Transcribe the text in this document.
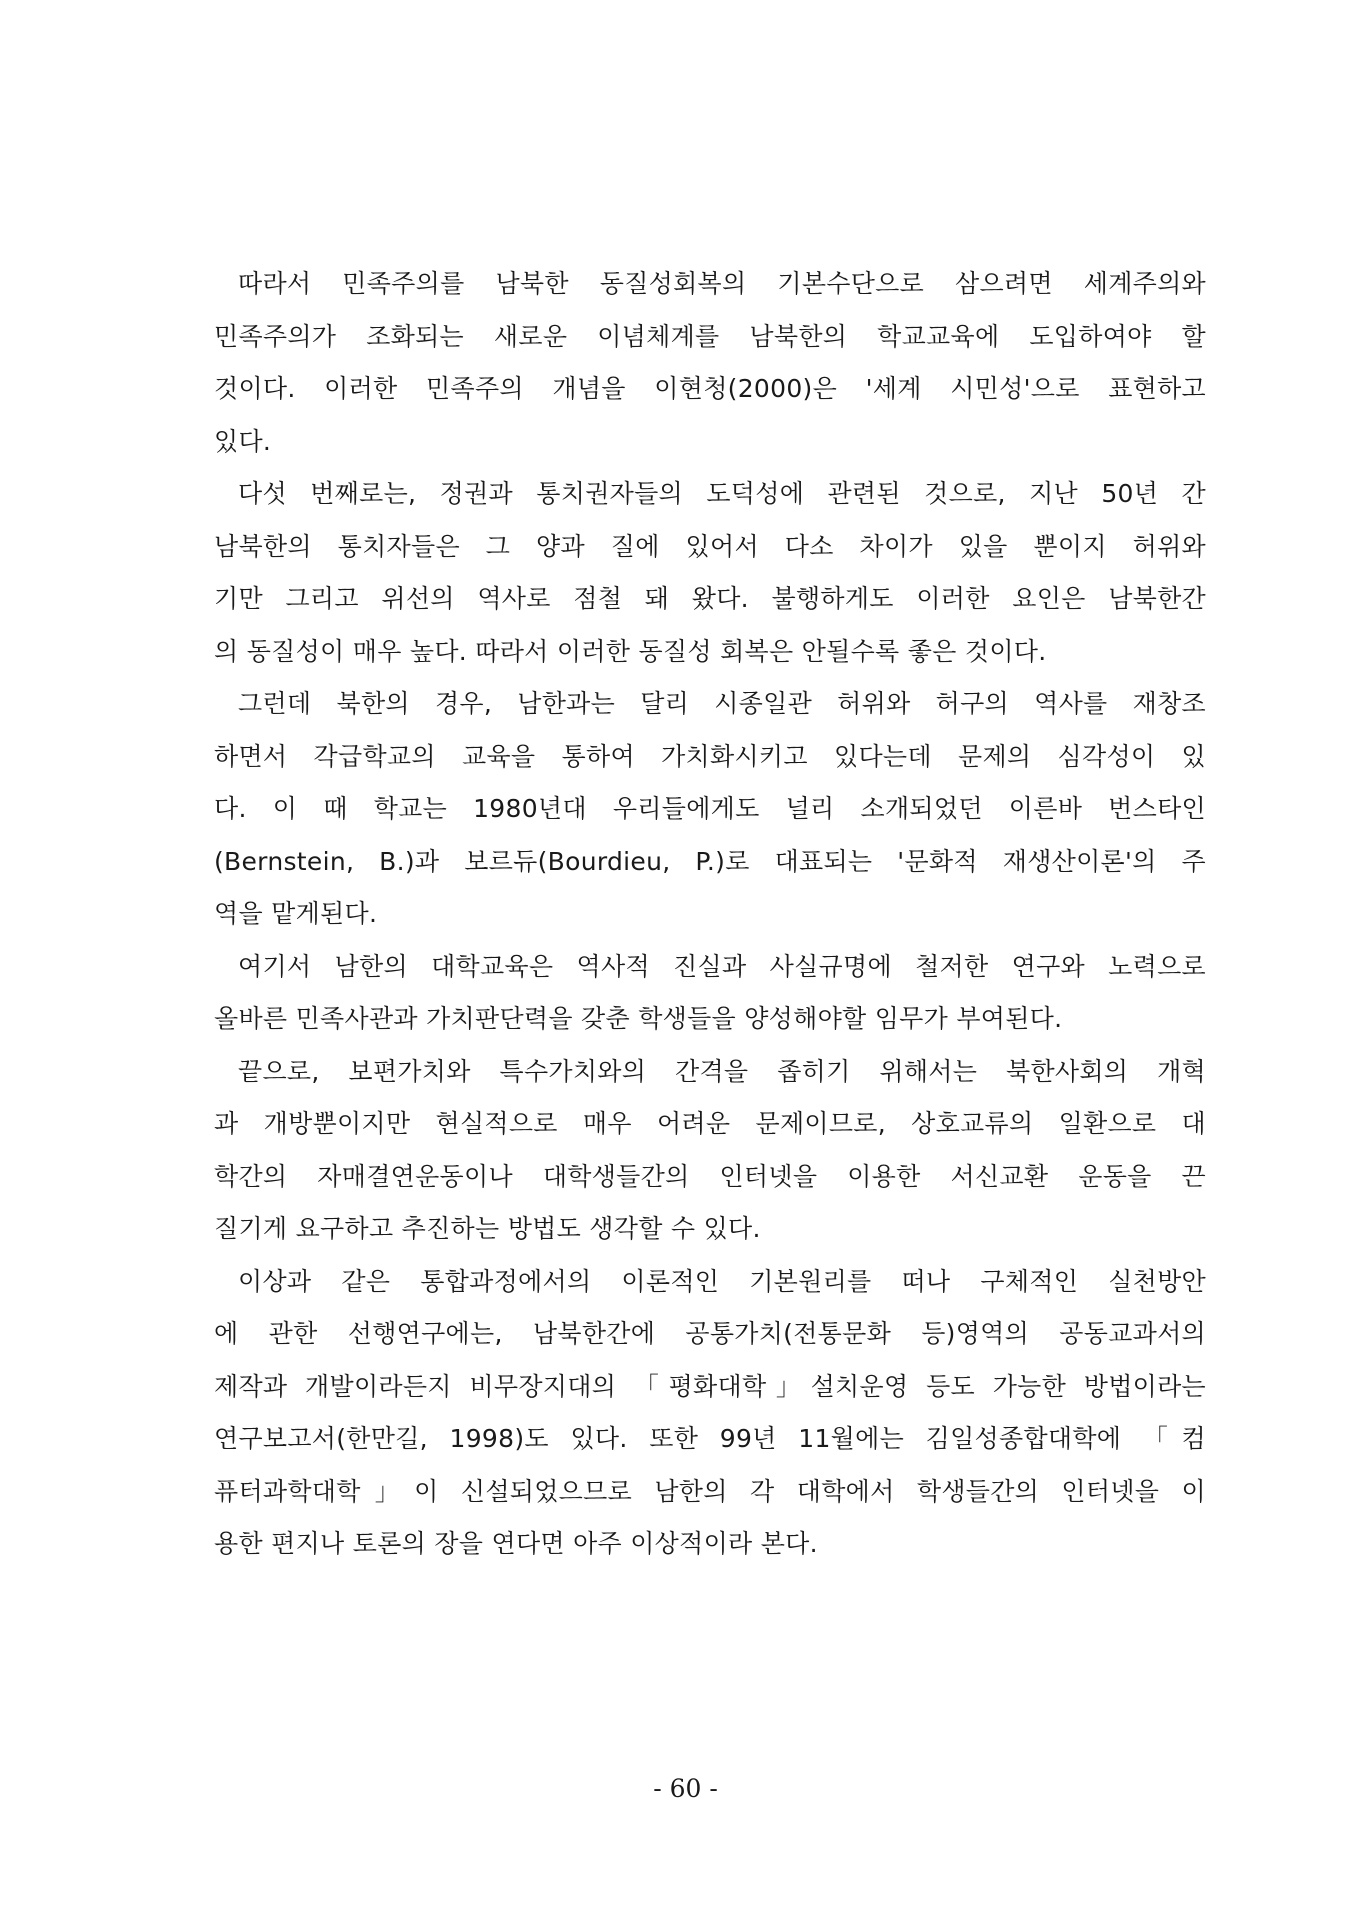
따라서 민족주의를 남북한 동질성회복의 기본수단으로 삼으려면 세계주의와
민족주의가 조화되는 새로운 이념체계를 남북한의 학교교육에 도입하여야 할
것이다. 이러한 민족주의 개념을 이현청(2000)은 '세계 시민성'으로 표현하고
있다.
다섯 번째로는, 정권과 통치권자들의 도덕성에 관련된 것으로, 지난 50년 간
남북한의 통치자들은 그 양과 질에 있어서 다소 차이가 있을 뿐이지 허위와
기만 그리고 위선의 역사로 점철 돼 왔다. 불행하게도 이러한 요인은 남북한간
의 동질성이 매우 높다. 따라서 이러한 동질성 회복은 안될수록 좋은 것이다.
그런데 북한의 경우, 남한과는 달리 시종일관 허위와 허구의 역사를 재창조
하면서 각급학교의 교육을 통하여 가치화시키고 있다는데 문제의 심각성이 있
다. 이 때 학교는 1980년대 우리들에게도 널리 소개되었던 이른바 번스타인
(Bernstein, B.)과 보르듀(Bourdieu, P.)로 대표되는 '문화적 재생산이론'의 주
역을 맡게된다.
여기서 남한의 대학교육은 역사적 진실과 사실규명에 철저한 연구와 노력으로
올바른 민족사관과 가치판단력을 갖춘 학생들을 양성해야할 임무가 부여된다.
끝으로, 보편가치와 특수가치와의 간격을 좁히기 위해서는 북한사회의 개혁
과 개방뿐이지만 현실적으로 매우 어려운 문제이므로, 상호교류의 일환으로 대
학간의 자매결연운동이나 대학생들간의 인터넷을 이용한 서신교환 운동을 끈
질기게 요구하고 추진하는 방법도 생각할 수 있다.
이상과 같은 통합과정에서의 이론적인 기본원리를 떠나 구체적인 실천방안
에 관한 선행연구에는, 남북한간에 공통가치(전통문화 등)영역의 공동교과서의
제작과 개발이라든지 비무장지대의 「평화대학」설치운영 등도 가능한 방법이라는
연구보고서(한만길, 1998)도 있다. 또한 99년 11월에는 김일성종합대학에 「컴
퓨터과학대학」이 신설되었으므로 남한의 각 대학에서 학생들간의 인터넷을 이
용한 편지나 토론의 장을 연다면 아주 이상적이라 본다.
- 60 -
